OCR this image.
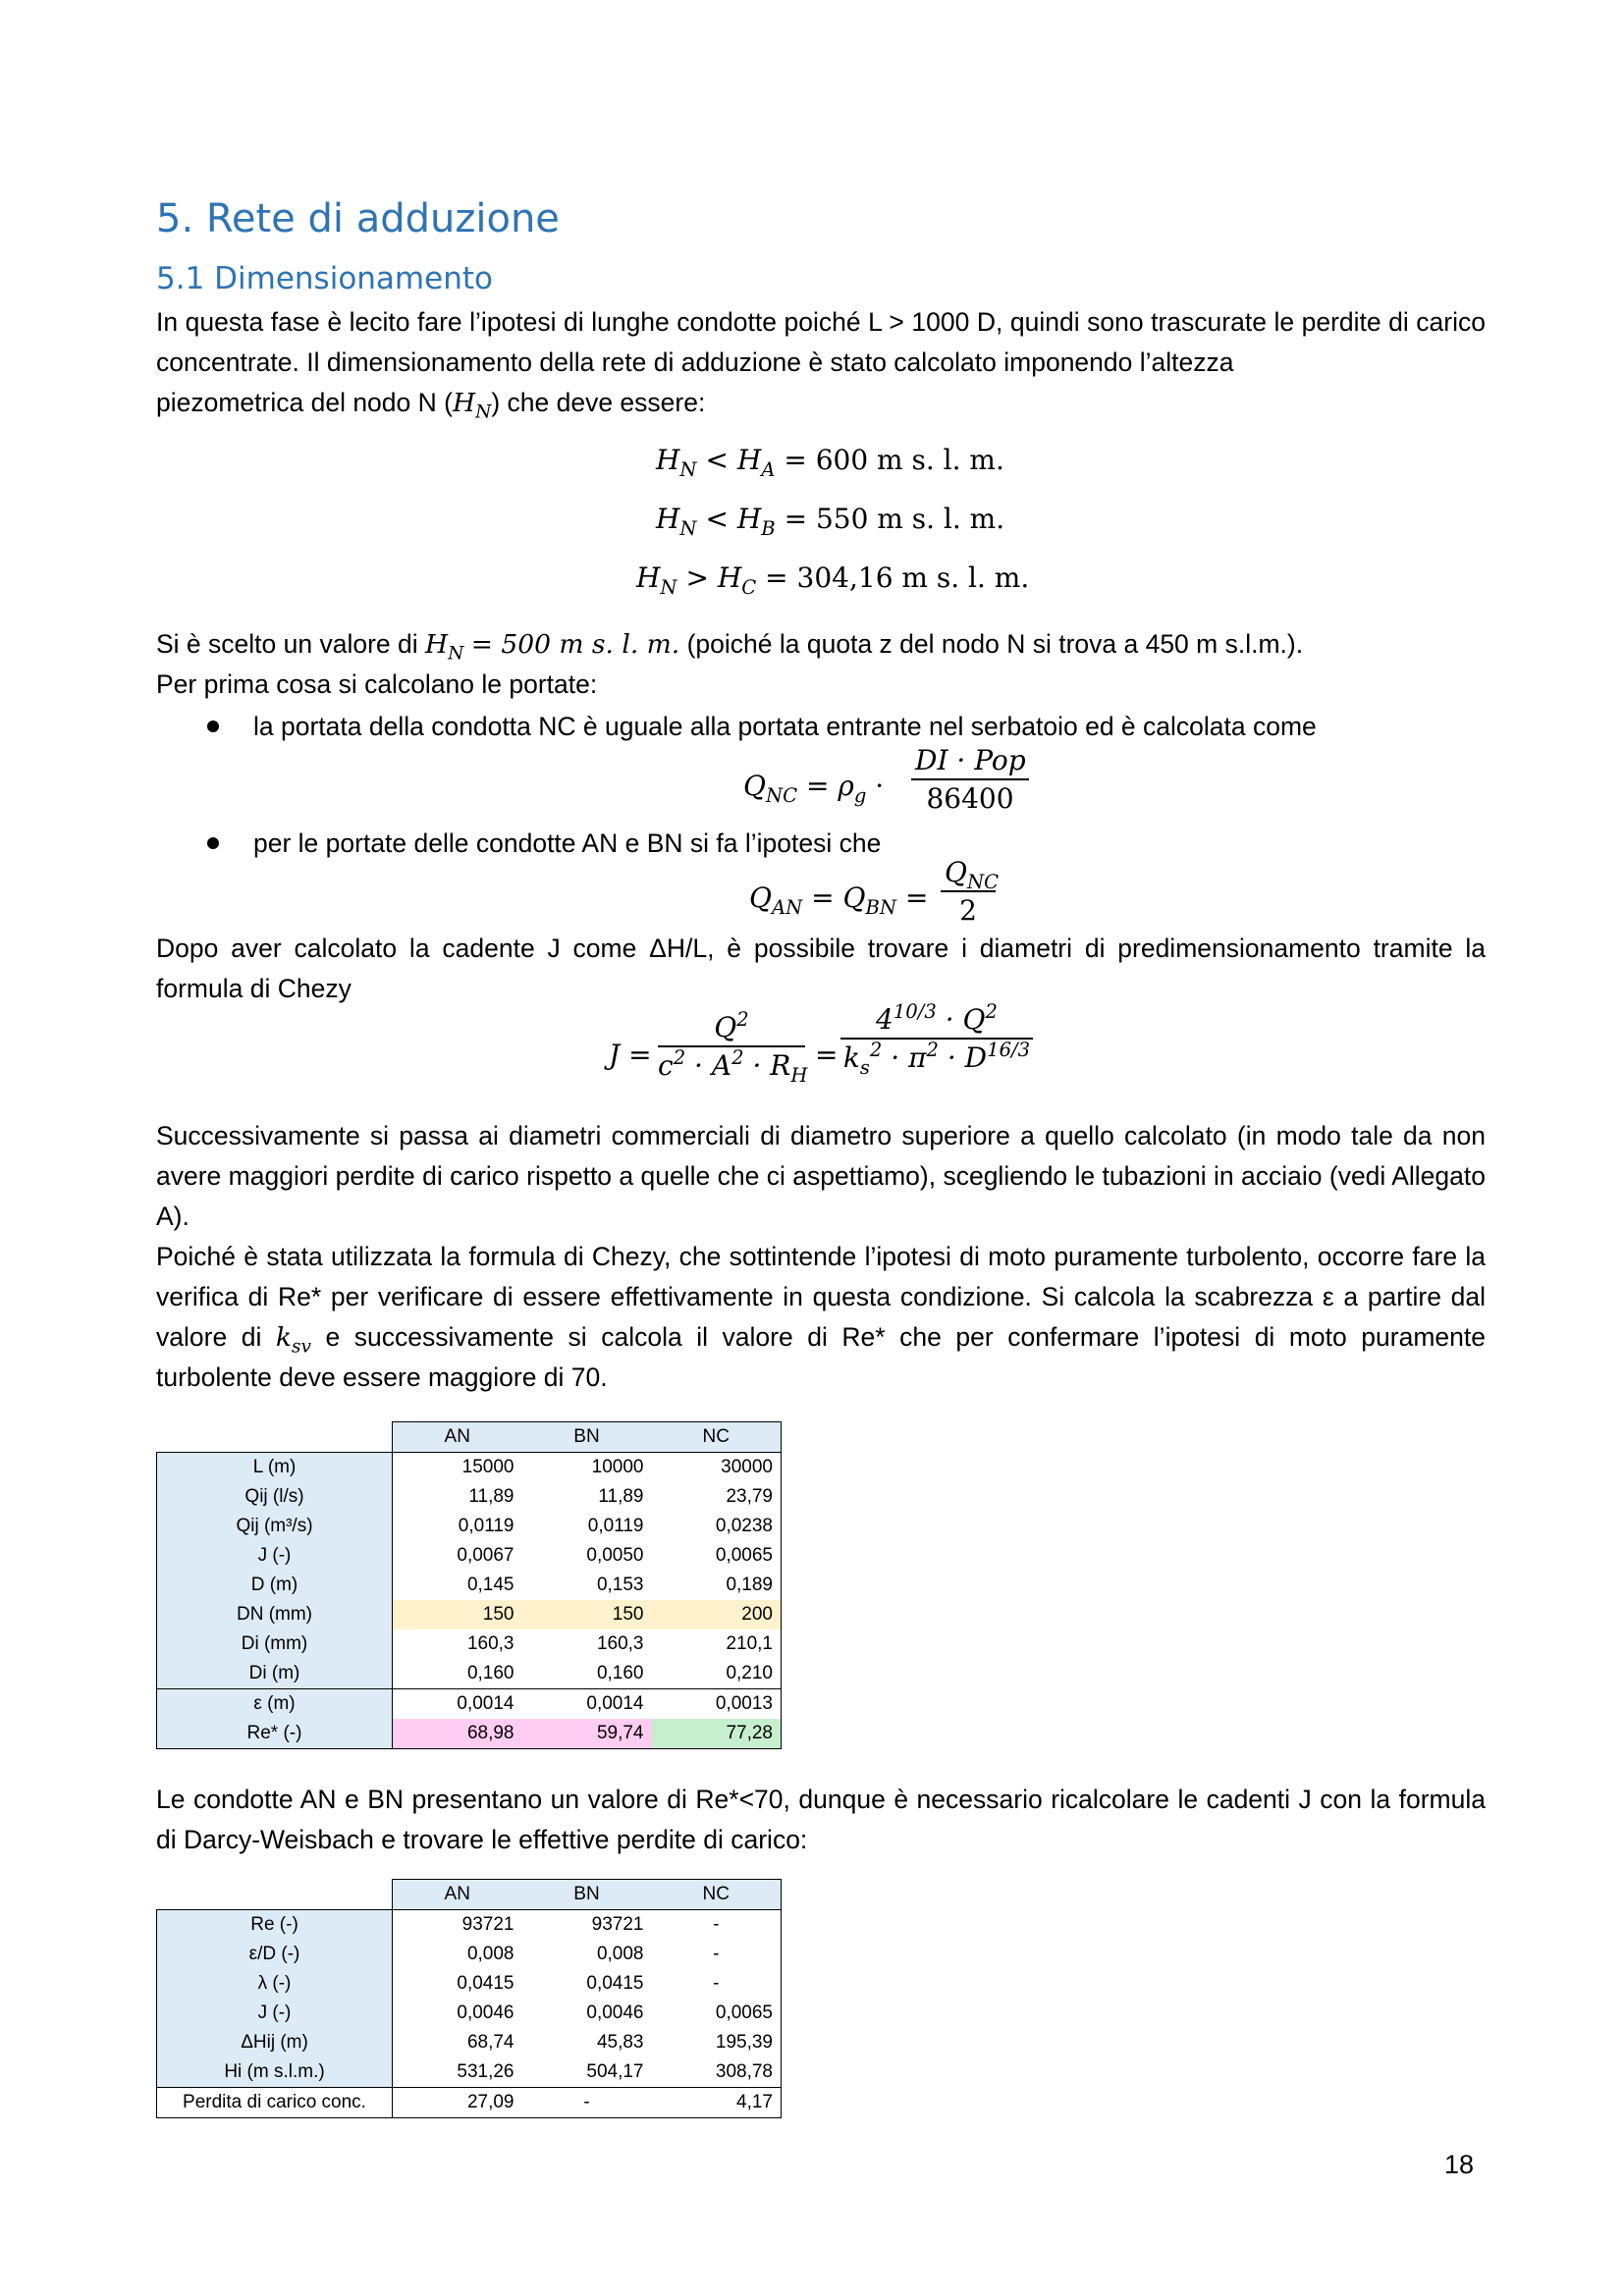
5. Rete di adduzione
5.1 Dimensionamento

In questa fase è lecito fare l’ipotesi di lunghe condotte poiché L > 1000 D, quindi sono trascurate le perdite di carico concentrate. Il dimensionamento della rete di adduzione è stato calcolato imponendo l’altezza

piezometrica del nodo N $(H_N)$ che deve essere:
$H_N < H_A = 600$ m s. l. m.
$H_N < H_B = 550$ m s. l. m.
$H_N > H_C = 304,16$ m s. l. m.
Si è scelto un valore di $H_N = 500$ m s. l. m. (poiché la quota z del nodo N si trova a 450 m s.l.m.).
Per prima cosa si calcolano le portate:
la portata della condotta NC è uguale alla portata entrante nel serbatoio ed è calcolata come
$Q_{NC} = \rho_g$ ·
DI · Pop
86400
per le portate delle condotte AN e BN si fa l’ipotesi che
$Q_{AN} = Q_{BN}$ =
$Q_{NC}$
2

Dopo aver calcolato la cadente J come ΔH/L, è possibile trovare i diametri di predimensionamento tramite la formula di Chezy

J =
$Q^2$
$c^2 \cdot A^2 \cdot R_H$
=
$4^{10/3} \cdot Q^2$
$k_s^2 \cdot \pi^2 \cdot D^{16/3}$

Successivamente si passa ai diametri commerciali di diametro superiore a quello calcolato (in modo tale da non avere maggiori perdite di carico rispetto a quelle che ci aspettiamo), scegliendo le tubazioni in acciaio (vedi Allegato A).

Poiché è stata utilizzata la formula di Chezy, che sottintende l’ipotesi di moto puramente turbolento, occorre fare la verifica di Re* per verificare di essere effettivamente in questa condizione. Si calcola la scabrezza ε a partire dal valore di $k_{sv}$ e successivamente si calcola il valore di Re* che per confermare l’ipotesi di moto puramente turbolente deve essere maggiore di 70.

	AN	BN	NC
L (m)	15000	10000	30000
Qij (l/s)	11,89	11,89	23,79
Qij (m³/s)	0,0119	0,0119	0,0238
J (-)	0,0067	0,0050	0,0065
D (m)	0,145	0,153	0,189
DN (mm)	150	150	200
Di (mm)	160,3	160,3	210,1
Di (m)	0,160	0,160	0,210
ε (m)	0,0014	0,0014	0,0013
Re* (-)	68,98	59,74	77,28

Le condotte AN e BN presentano un valore di Re*<70, dunque è necessario ricalcolare le cadenti J con la formula di Darcy-Weisbach e trovare le effettive perdite di carico:

	AN	BN	NC
Re (-)	93721	93721	-
ε/D (-)	0,008	0,008	-
λ (-)	0,0415	0,0415	-
J (-)	0,0046	0,0046	0,0065
ΔHij (m)	68,74	45,83	195,39
Hi (m s.l.m.)	531,26	504,17	308,78
Perdita di carico conc.	27,09	-	4,17
18
